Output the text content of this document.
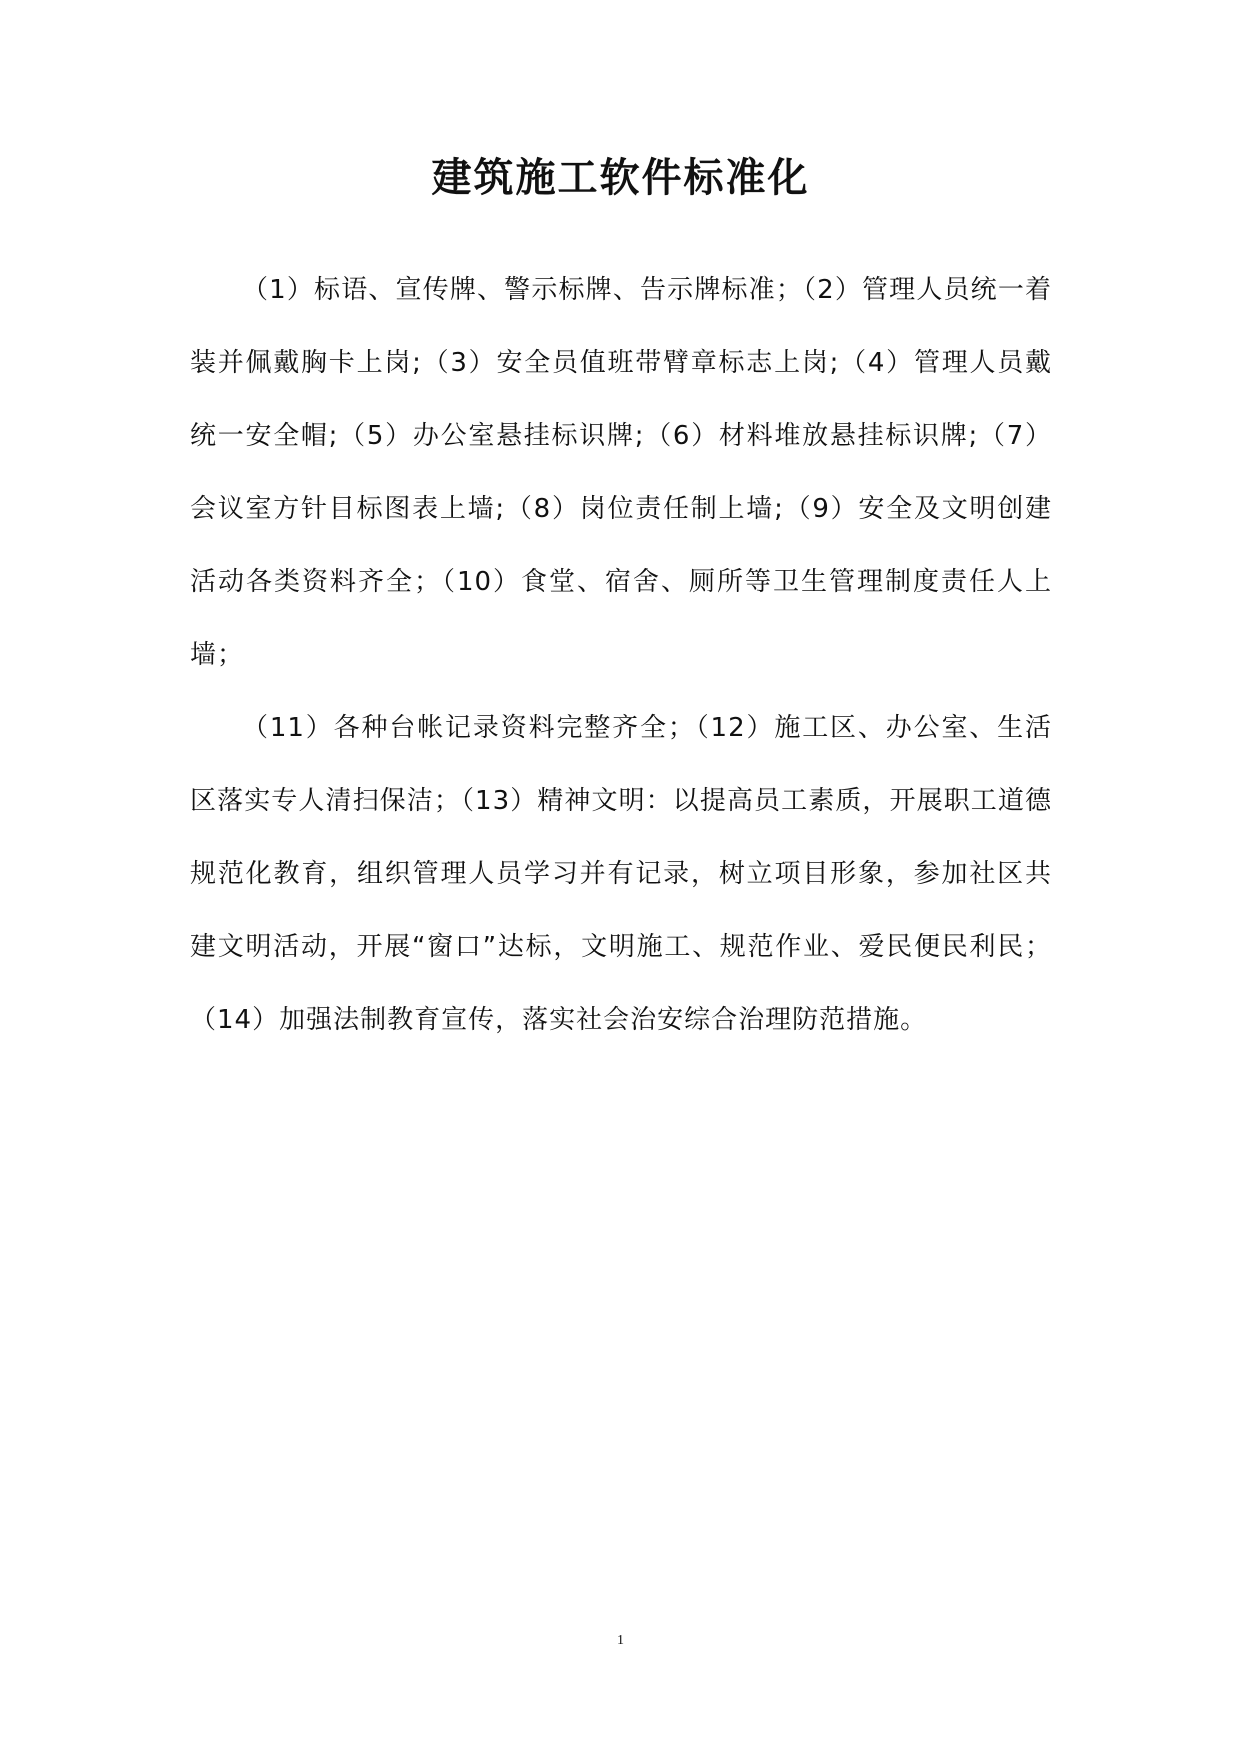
建筑施工软件标准化

（1）标语、宣传牌、警示标牌、告示牌标准；（2）管理人员统一着装并佩戴胸卡上岗;（3）安全员值班带臂章标志上岗;（4）管理人员戴统一安全帽;（5）办公室悬挂标识牌;（6）材料堆放悬挂标识牌;（7）会议室方针目标图表上墙;（8）岗位责任制上墙;（9）安全及文明创建活动各类资料齐全；（10）食堂、宿舍、厕所等卫生管理制度责任人上墙；

（11）各种台帐记录资料完整齐全；（12）施工区、办公室、生活区落实专人清扫保洁；（13）精神文明：以提高员工素质，开展职工道德规范化教育，组织管理人员学习并有记录，树立项目形象，参加社区共建文明活动，开展“窗口”达标，文明施工、规范作业、爱民便民利民；（14）加强法制教育宣传，落实社会治安综合治理防范措施。

1
